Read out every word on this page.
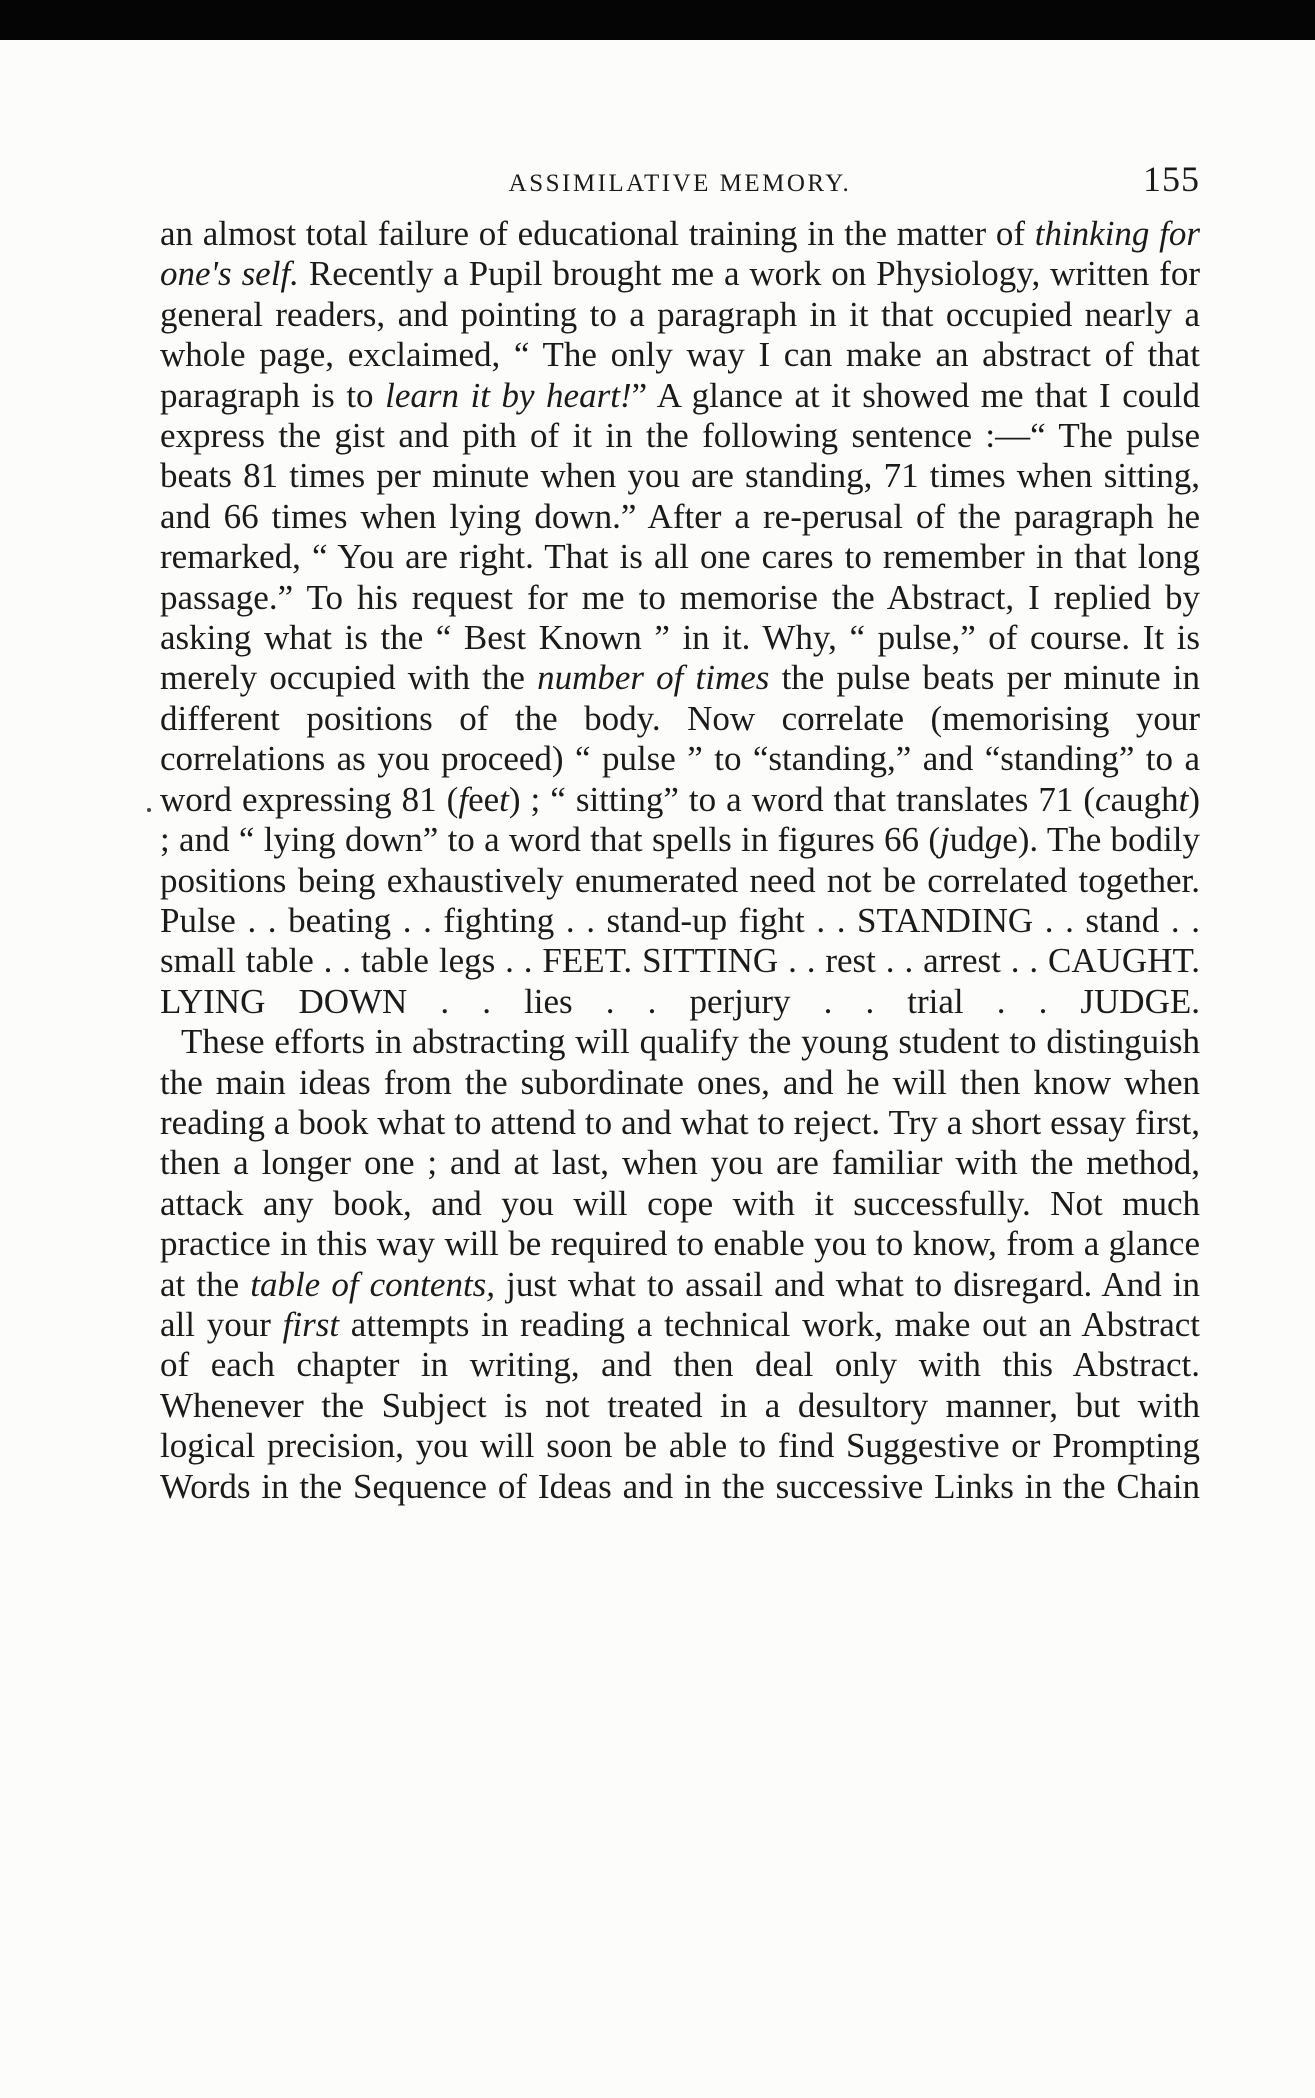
ASSIMILATIVE MEMORY.	155

an almost total failure of educational training in the matter of thinking for one's self. Recently a Pupil brought me a work on Physiology, written for general readers, and pointing to a paragraph in it that occupied nearly a whole page, exclaimed, “ The only way I can make an abstract of that paragraph is to learn it by heart!” A glance at it showed me that I could express the gist and pith of it in the following sentence :—“ The pulse beats 81 times per minute when you are standing, 71 times when sitting, and 66 times when lying down.” After a re-perusal of the paragraph he remarked, “ You are right. That is all one cares to remember in that long passage.” To his request for me to memorise the Abstract, I replied by asking what is the “ Best Known ” in it. Why, “ pulse,” of course. It is merely occupied with the number of times the pulse beats per minute in different positions of the body. Now correlate (memorising your correlations as you proceed) “ pulse ” to “standing,” and “standing” to a word expressing 81 (feet) ; “ sitting” to a word that translates 71 (caught) ; and “ lying down” to a word that spells in figures 66 (judge). The bodily positions being exhaustively enumerated need not be correlated together. Pulse . . beating . . fighting . . stand-up fight . . STANDING . . stand . . small table . . table legs . . FEET. SITTING . . rest . . arrest . . CAUGHT. LYING DOWN . . lies . . perjury . . trial . . JUDGE.

These efforts in abstracting will qualify the young student to distinguish the main ideas from the subordinate ones, and he will then know when reading a book what to attend to and what to reject. Try a short essay first, then a longer one ; and at last, when you are familiar with the method, attack any book, and you will cope with it successfully. Not much practice in this way will be required to enable you to know, from a glance at the table of contents, just what to assail and what to disregard. And in all your first attempts in reading a technical work, make out an Abstract of each chapter in writing, and then deal only with this Abstract. Whenever the Subject is not treated in a desultory manner, but with logical precision, you will soon be able to find Suggestive or Prompting Words in the Sequence of Ideas and in the successive Links in the Chain
